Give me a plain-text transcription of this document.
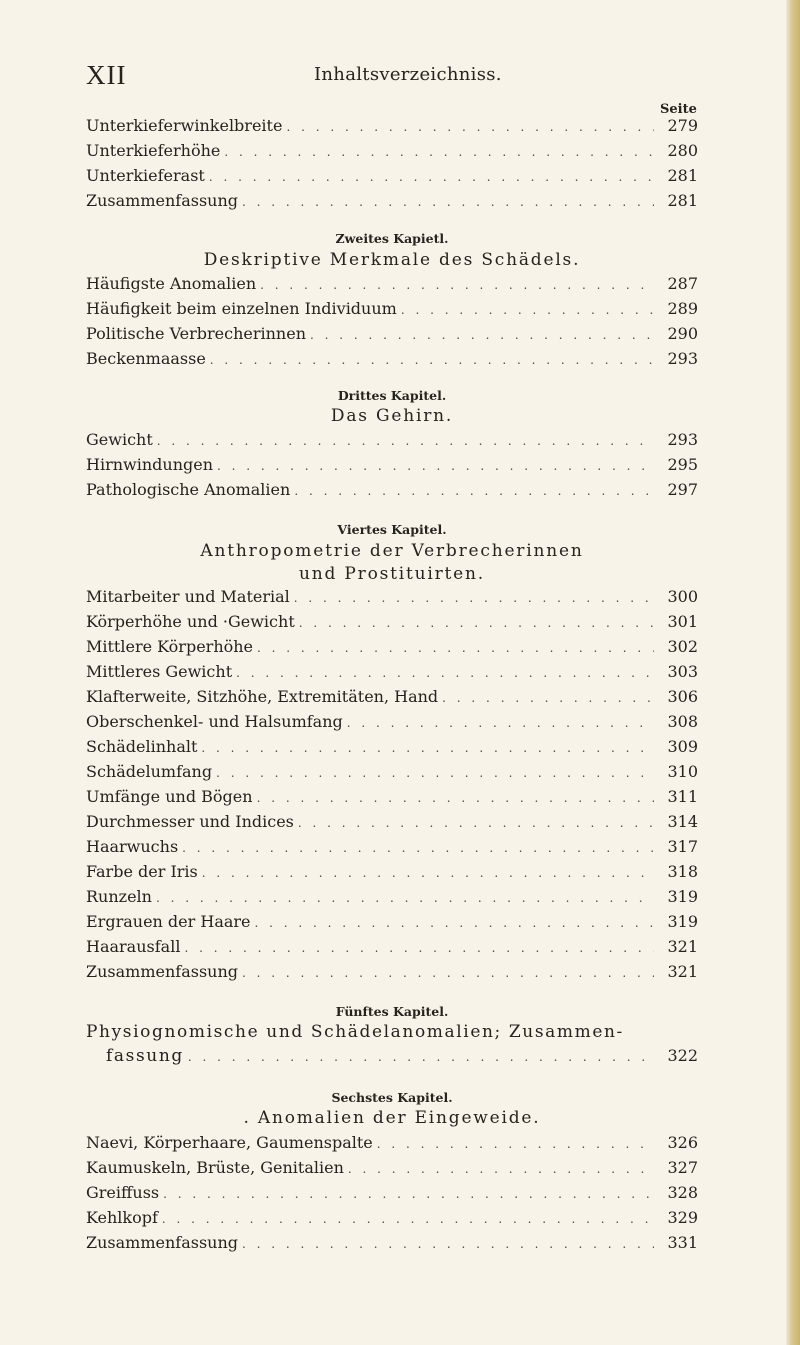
XII	Inhaltsverzeichniss.
Seite
Unterkieferwinkelbreite . . .	279
Unterkieferhöhe . . .	280
Unterkieferast . . .	281
Zusammenfassung . . .	281
Zweites Kapietl.
Deskriptive Merkmale des Schädels.
Häufigste Anomalien . . .	287
Häufigkeit beim einzelnen Individuum . . .	289
Politische Verbrecherinnen . . .	290
Beckenmaasse . . .	293
Drittes Kapitel.
Das Gehirn.
Gewicht . . .	293
Hirnwindungen . . .	295
Pathologische Anomalien . . .	297
Viertes Kapitel.
Anthropometrie der Verbrecherinnen
und Prostituirten.
Mitarbeiter und Material . . .	300
Körperhöhe und ·Gewicht . . .	301
Mittlere Körperhöhe . . .	302
Mittleres Gewicht . . .	303
Klafterweite, Sitzhöhe, Extremitäten, Hand . . .	306
Oberschenkel- und Halsumfang . . .	308
Schädelinhalt . . .	309
Schädelumfang . . .	310
Umfänge und Bögen . . .	311
Durchmesser und Indices . . .	314
Haarwuchs . . .	317
Farbe der Iris . . .	318
Runzeln . . .	319
Ergrauen der Haare . . .	319
Haarausfall . . .	321
Zusammenfassung . . .	321
Fünftes Kapitel.
Physiognomische und Schädelanomalien; Zusammen-
fassung . . .	322
Sechstes Kapitel.
. Anomalien der Eingeweide.
Naevi, Körperhaare, Gaumenspalte . . .	326
Kaumuskeln, Brüste, Genitalien . . .	327
Greiffuss . . .	328
Kehlkopf . . .	329
Zusammenfassung . . .	331
